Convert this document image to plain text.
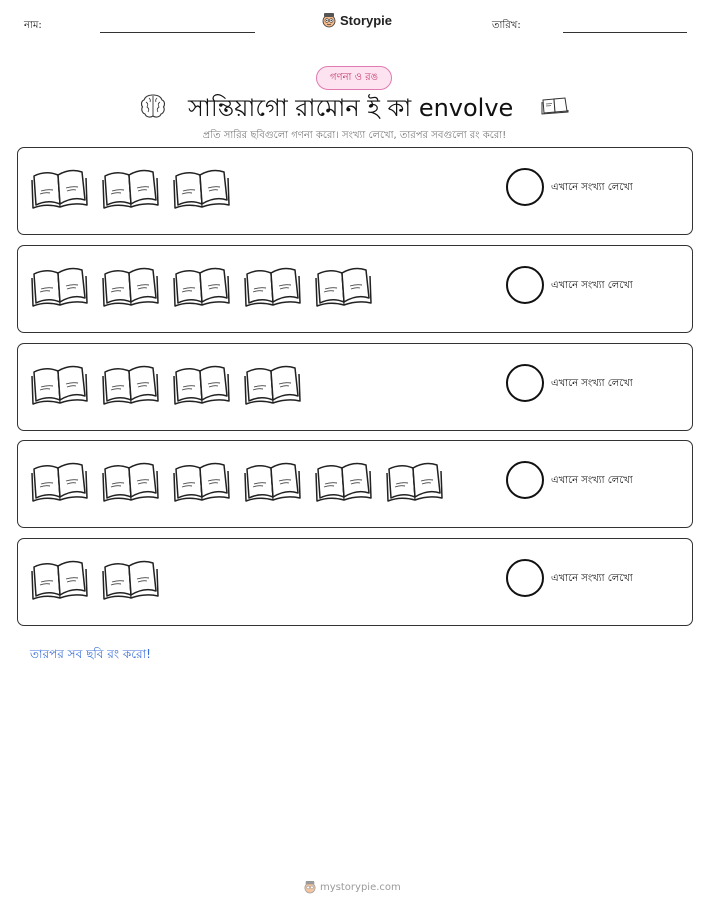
নাম:	Storypie	তারিখ:
গণনা ও রঙ
সান্তিয়াগো রামোন ই কা envolve
প্রতি সারির ছবিগুলো গণনা করো। সংখ্যা লেখো, তারপর সবগুলো রং করো!
এখানে সংখ্যা লেখো
এখানে সংখ্যা লেখো
এখানে সংখ্যা লেখো
এখানে সংখ্যা লেখো
এখানে সংখ্যা লেখো
তারপর সব ছবি রং করো!
mystorypie.com
